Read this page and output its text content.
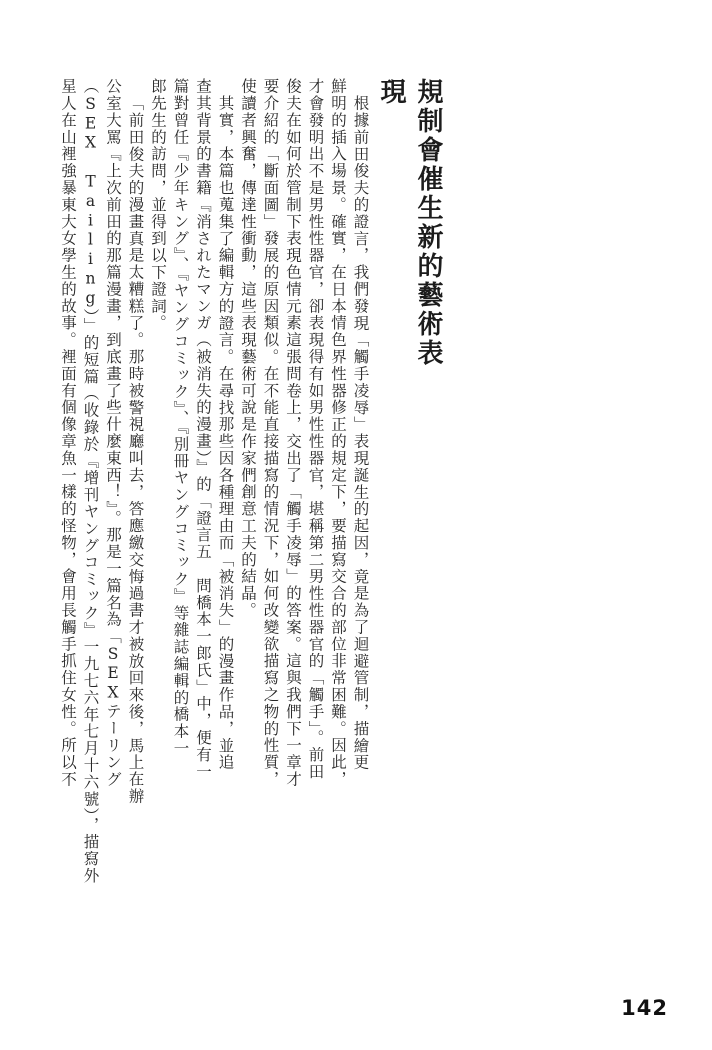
星人在山裡強暴東大女學生的故事。裡面有個像章魚一樣的怪物，會用長觸手抓住女性。所以不 （SEX Tailing）」的短篇（收錄於『增刊ヤングコミック』一九七六年七月十六號），描寫外 公室大罵『上次前田的那篇漫畫，到底畫了些什麼東西！』。那是一篇名為「SEXテーリング 「前田俊夫的漫畫真是太糟糕了。那時被警視廳叫去，答應繳交悔過書才被放回來後，馬上在辦 郎先生的訪問，並得到以下證詞。 篇對曾任『少年キング』、『ヤングコミック』、『別冊ヤングコミック』等雜誌編輯的橋本一 查其背景的書籍『消されたマンガ（被消失的漫畫）』的「證言五　問橋本一郎氏」中，便有一 其實，本篇也蒐集了編輯方的證言。在尋找那些因各種理由而「被消失」的漫畫作品，並追 使讀者興奮，傳達性衝動，這些表現藝術可說是作家們創意工夫的結晶。 要介紹的「斷面圖」發展的原因類似。在不能直接描寫的情況下，如何改變欲描寫之物的性質， 俊夫在如何於管制下表現色情元素這張問卷上，交出了「觸手凌辱」的答案。這與我們下一章才 才會發明出不是男性性器官，卻表現得有如男性性器官，堪稱第二男性性器官的「觸手」。前田 鮮明的插入場景。確實，在日本情色界性器修正的規定下，要描寫交合的部位非常困難。因此， 根據前田俊夫的證言，我們發現「觸手凌辱」表現誕生的起因，竟是為了迴避管制，描繪更	規制會催生新的藝術表現
142
